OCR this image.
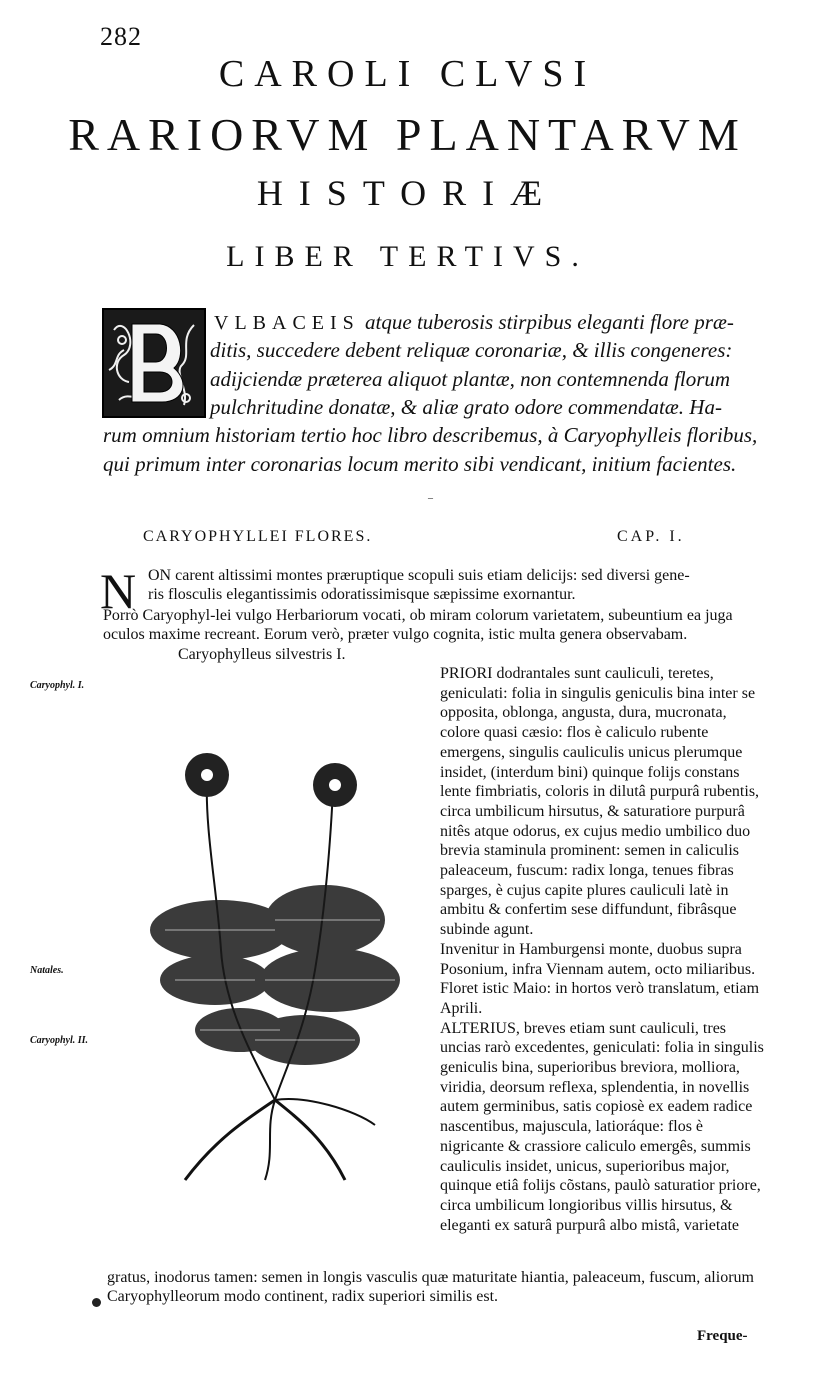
282
CAROLI CLVSI
RARIORVM PLANTARVM
HISTORIÆ
LIBER TERTIVS.
VLBACEIS atque tuberosis stirpibus eleganti flore præ-
ditis, succedere debent reliquæ coronariæ, & illis congeneres: adijciendæ præterea aliquot plantæ, non contemnenda florum pulchritudine donatæ, & aliæ grato odore commendatæ. Ha-
rum omnium historiam tertio hoc libro describemus, à Caryophylleis floribus, qui primum inter coronarias locum merito sibi vendicant, initium facientes.
–
CARYOPHYLLEI FLORES.	CAP. I.
N ON carent altissimi montes præruptique scopuli suis etiam delicijs: sed diversi gene-
ris flosculis elegantissimis odoratissimisque sæpissime exornantur.
Porrò Caryophyl-lei vulgo Herbariorum vocati, ob miram colorum varietatem, subeuntium ea juga oculos maxime recreant. Eorum verò, præter vulgo cognita, istic multa genera observabam.
Caryophylleus silvestris I.
Caryophyl. I.
Natales.
Caryophyl. II.

PRIORI dodrantales sunt cauliculi, teretes, geniculati: folia in singulis geniculis bina inter se opposita, oblonga, angusta, dura, mucronata, colore quasi cæsio: flos è caliculo rubente emergens, singulis cauliculis unicus plerumque insidet, (interdum bini) quinque folijs constans lente fimbriatis, coloris in dilutâ purpurâ rubentis, circa umbilicum hirsutus, & saturatiore purpurâ nitês atque odorus, ex cujus medio umbilico duo brevia staminula prominent: semen in caliculis paleaceum, fuscum: radix longa, tenues fibras sparges, è cujus capite plures cauliculi latè in ambitu & confertim sese diffundunt, fibrâsque subinde agunt.

Invenitur in Hamburgensi monte, duobus supra Posonium, infra Viennam autem, octo miliaribus. Floret istic Maio: in hortos verò translatum, etiam Aprili.

ALTERIUS, breves etiam sunt cauliculi, tres uncias rarò excedentes, geniculati: folia in singulis geniculis bina, superioribus breviora, molliora, viridia, deorsum reflexa, splendentia, in novellis autem germinibus, satis copiosè ex eadem radice nascentibus, majuscula, latioráque: flos è nigricante & crassiore caliculo emergês, summis cauliculis insidet, unicus, superioribus major, quinque etiâ folijs cõstans, paulò saturatior priore, circa umbilicum longioribus villis hirsutus, & eleganti ex saturâ purpurâ albo mistâ, varietate

gratus, inodorus tamen: semen in longis vasculis quæ maturitate hiantia, paleaceum, fuscum, aliorum Caryophylleorum modo continent, radix superiori similis est.
Freque-
